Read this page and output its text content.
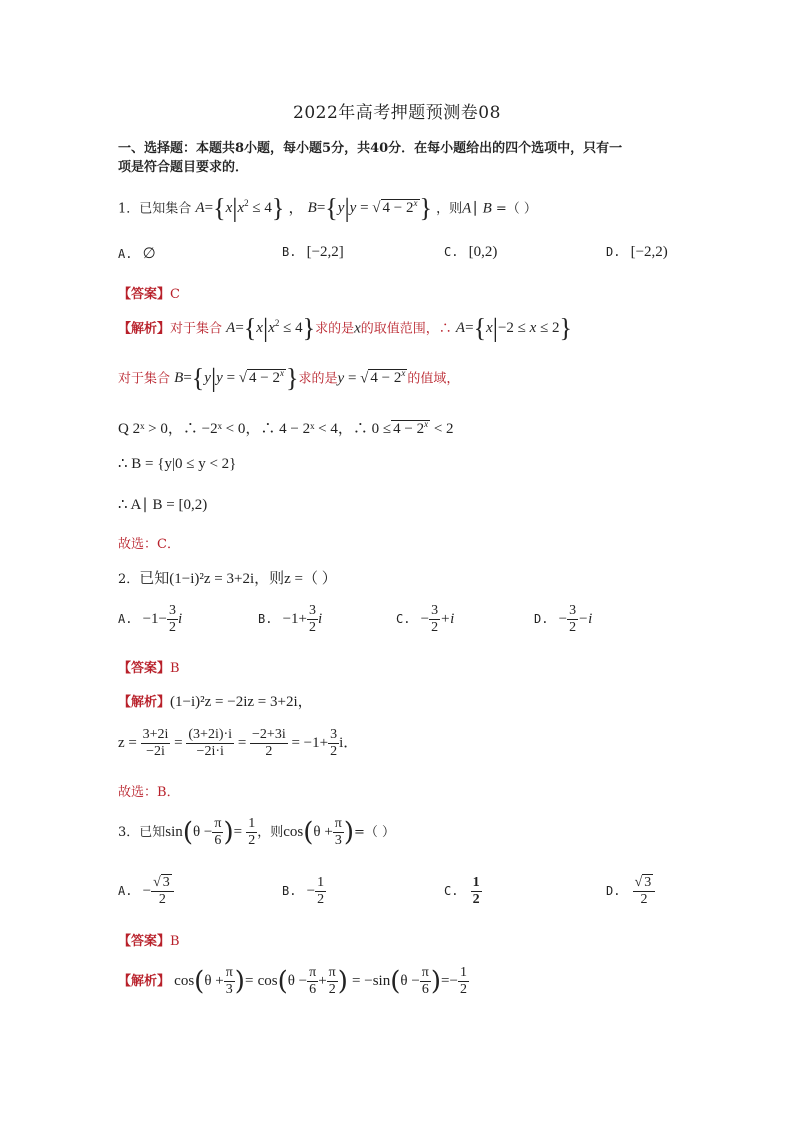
2022年高考押题预测卷08
一、选择题：本题共8小题，每小题5分，共40分．在每小题给出的四个选项中，只有一
项是符合题目要求的．
1．已知集合 $A=\{x|x^2 \le 4\}$ ， B={y|y = √ $4 - 2^x$} ，则A∣ B =（ ）
A. ∅	B. [−2,2]	C. [0,2)	D. [−2,2)
【答案】C
【解析】对于集合 $A=\{x|x^2 \le 4\}$求的是x的取值范围，∴ A={x|−2 ≤ x ≤ 2}
对于集合 B={y|y = √ $4 - 2^x$}求的是y = √ $4 - 2^x$ 的值域，
Q 2ˣ > 0，∴ −2ˣ < 0，∴ 4 − 2ˣ < 4，∴ $0 \le 4 - 2^x < 2$
∴ B = {y|0 ≤ y < 2}
∴ A∣ B = [0,2)
故选：C．
2．已知(1−i)²z = 3+2i，则z =（ ）
A. $-1- \frac{3}{2}$ i	B. $-1+ \frac{3}{2}$ i	C. − $\frac{3}{2} +i$	D. − $\frac{3}{2} -i$
【答案】B
【解析】(1−i)²z = −2iz = 3+2i，
$z = \frac{3+2i}{-2i} = \frac{(3+2i)\cdot i}{-2i\cdot i} = \frac{-2+3i}{2} = -1+ \frac{3}{2}$ i．
故选：B．
3．已知$\sin(\theta - \frac{\pi}{6}$ )= $\frac{1}{2}$ ，则$\cos(\theta + \frac{\pi}{3}$ )=（ ）
A. − $\frac{√ 3}{2}$	B. − $\frac{1}{2}$	C. $\frac{1}{2}$	D. $\frac{√ 3}{2}$
【答案】B
【解析】 $\cos(\theta + \frac{\pi}{3}$ )= $\cos(\theta - \frac{\pi}{6} + \frac{\pi}{2}$ ) = $-\sin(\theta - \frac{\pi}{6}$ )=− $\frac{1}{2}$
